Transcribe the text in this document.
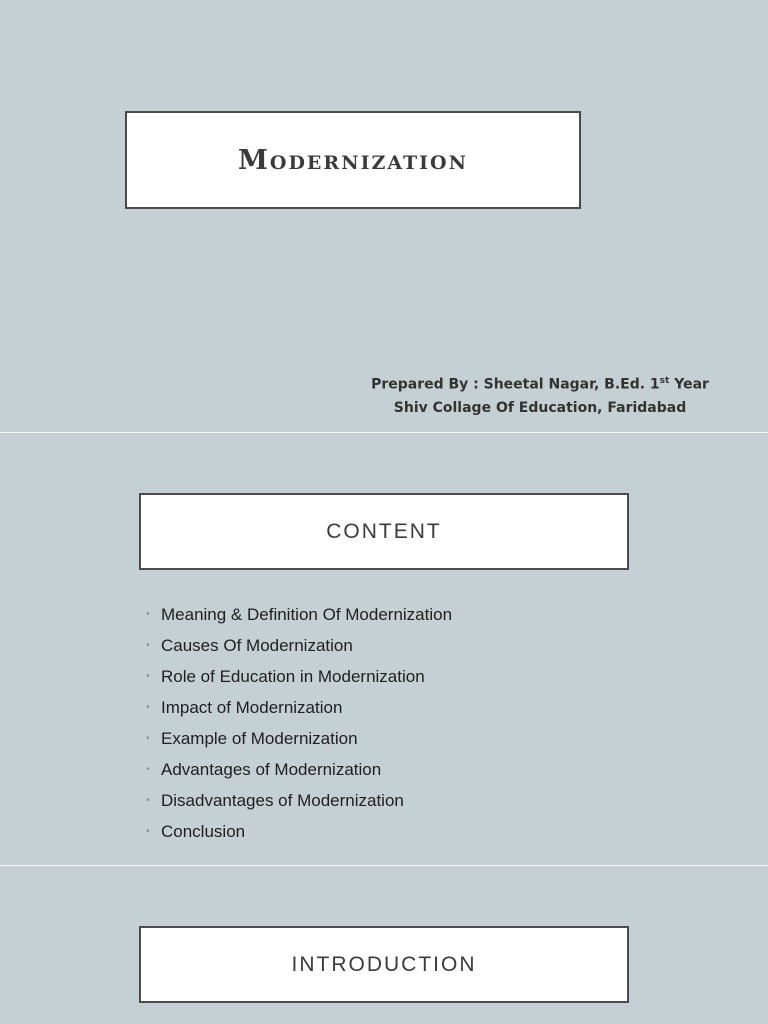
Modernization
Prepared By : Sheetal Nagar, B.Ed. 1st Year
Shiv Collage Of Education, Faridabad
CONTENT
• Meaning & Definition Of Modernization
• Causes Of Modernization
• Role of Education in Modernization
• Impact of Modernization
• Example of Modernization
• Advantages of Modernization
• Disadvantages of Modernization
• Conclusion
INTRODUCTION
